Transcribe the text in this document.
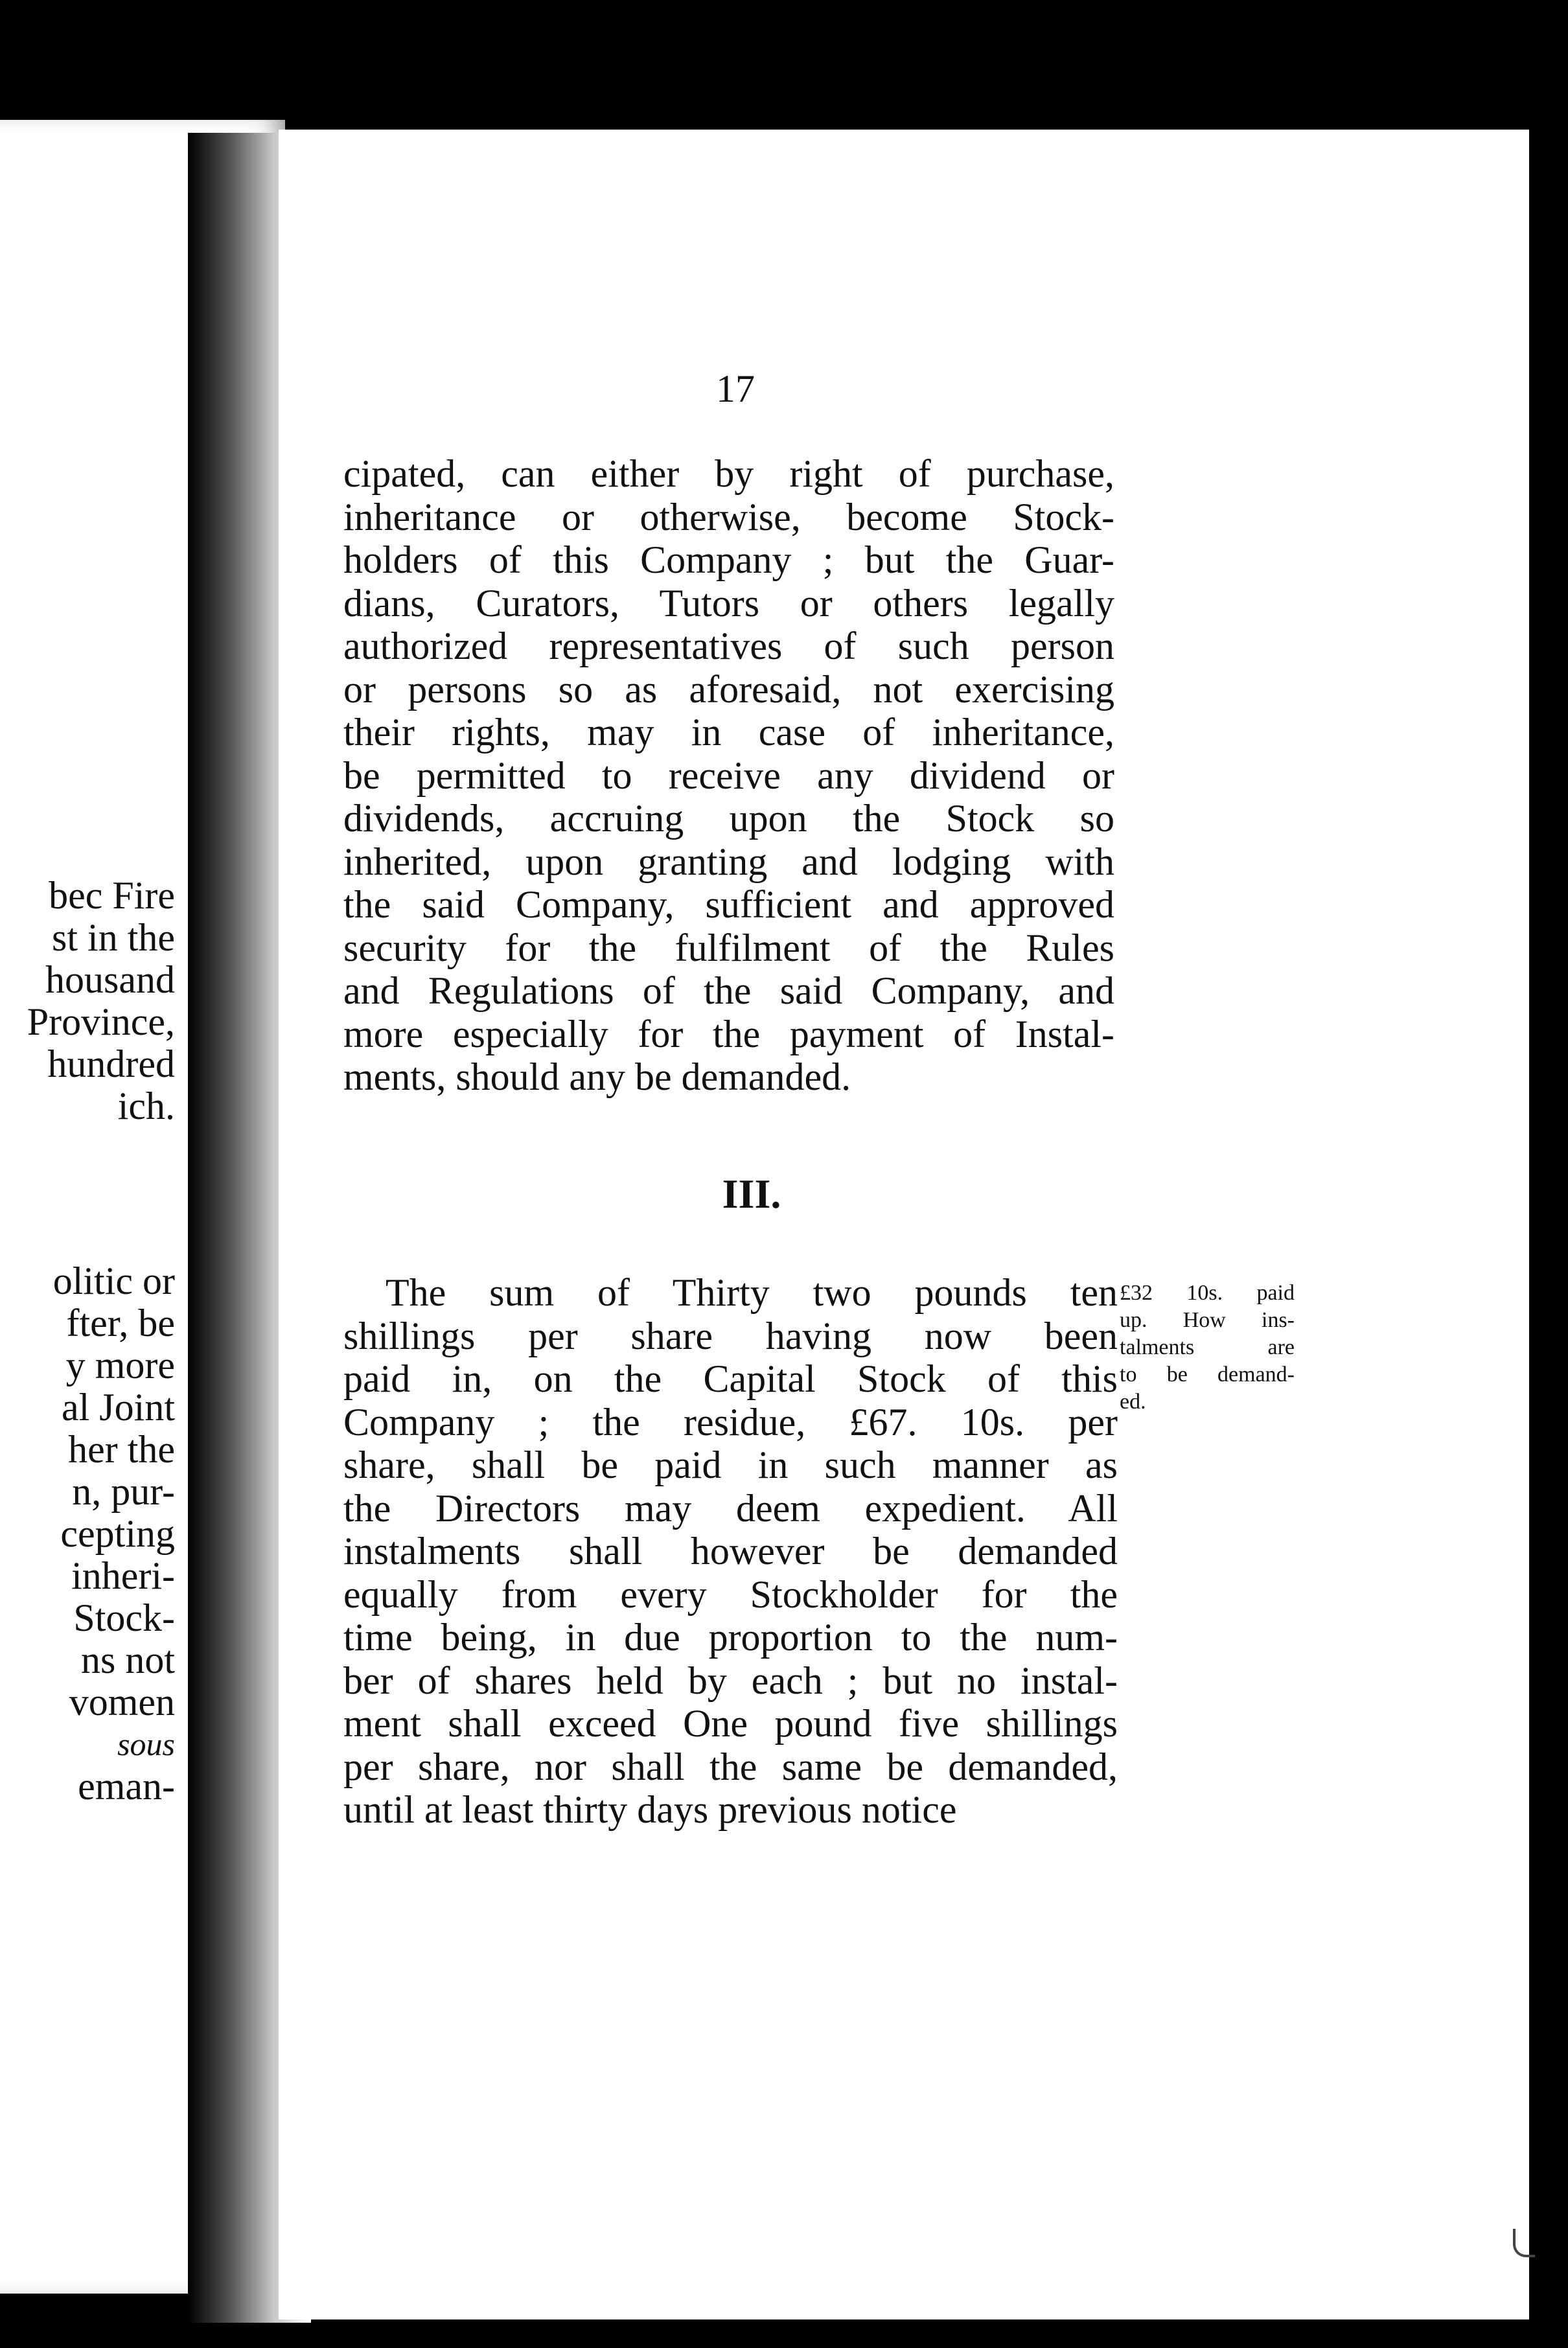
bec Fire
st in the
housand
Province,
hundred
ich.
olitic or
fter, be
y more
al Joint
her the
n, pur-
cepting
inheri-
Stock-
ns not
vomen
sous
eman-
17
cipated, can either by right of purchase,
inheritance or otherwise, become Stock-
holders of this Company ; but the Guar-
dians, Curators, Tutors or others legally
authorized representatives of such person
or persons so as aforesaid, not exercising
their rights, may in case of inheritance,
be permitted to receive any dividend or
dividends, accruing upon the Stock so
inherited, upon granting and lodging with
the said Company, sufficient and approved
security for the fulfilment of the Rules
and Regulations of the said Company, and
more especially for the payment of Instal-
ments, should any be demanded.
III.
The sum of Thirty two pounds ten
shillings per share having now been
paid in, on the Capital Stock of this
Company ; the residue, £67. 10s. per
share, shall be paid in such manner as
the Directors may deem expedient. All
instalments shall however be demanded
equally from every Stockholder for the
time being, in due proportion to the num-
ber of shares held by each ; but no instal-
ment shall exceed One pound five shillings
per share, nor shall the same be demanded,
until at least thirty days previous notice
£32 10s. paid
up. How ins-
talments are
to be demand-
ed.
